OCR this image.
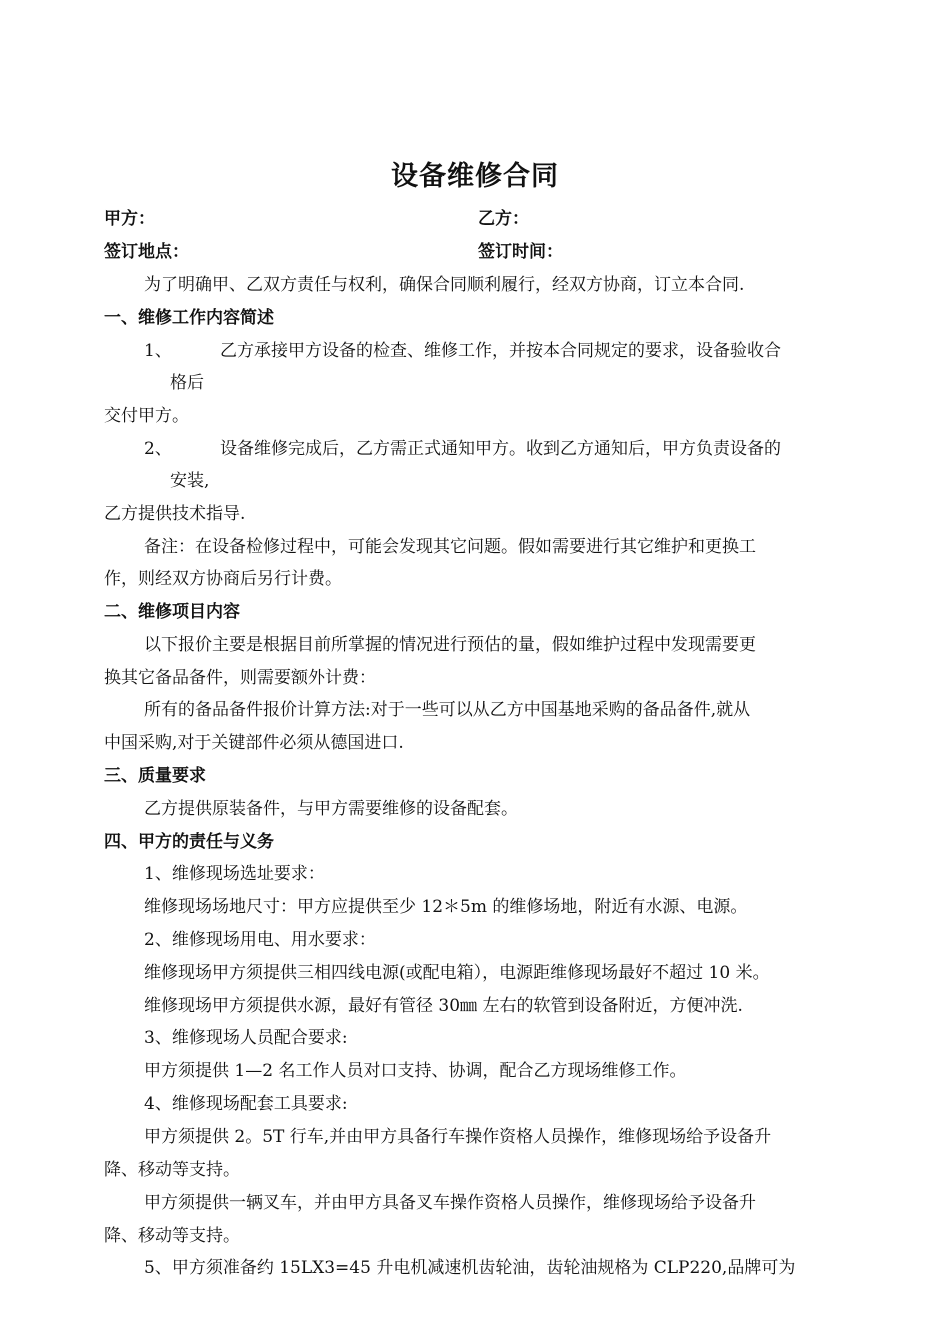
设备维修合同
甲方：	乙方：
签订地点：	签订时间：
为了明确甲、乙双方责任与权利，确保合同顺利履行，经双方协商，订立本合同.
一、维修工作内容简述
1、	乙方承接甲方设备的检查、维修工作，并按本合同规定的要求，设备验收合
格后
交付甲方。
2、	设备维修完成后，乙方需正式通知甲方。收到乙方通知后，甲方负责设备的
安装,
乙方提供技术指导.
备注：在设备检修过程中，可能会发现其它问题。假如需要进行其它维护和更换工
作，则经双方协商后另行计费。
二、维修项目内容
以下报价主要是根据目前所掌握的情况进行预估的量，假如维护过程中发现需要更
换其它备品备件，则需要额外计费：
所有的备品备件报价计算方法:对于一些可以从乙方中国基地采购的备品备件,就从
中国采购,对于关键部件必须从德国进口.
三、质量要求
乙方提供原装备件，与甲方需要维修的设备配套。
四、甲方的责任与义务
1、维修现场选址要求：
维修现场场地尺寸：甲方应提供至少 12＊5m 的维修场地，附近有水源、电源。
2、维修现场用电、用水要求：
维修现场甲方须提供三相四线电源(或配电箱），电源距维修现场最好不超过 10 米。
维修现场甲方须提供水源，最好有管径 30㎜ 左右的软管到设备附近，方便冲洗.
3、维修现场人员配合要求:
甲方须提供 1—2 名工作人员对口支持、协调，配合乙方现场维修工作。
4、维修现场配套工具要求:
甲方须提供 2。5T 行车,并由甲方具备行车操作资格人员操作，维修现场给予设备升
降、移动等支持。
甲方须提供一辆叉车，并由甲方具备叉车操作资格人员操作，维修现场给予设备升
降、移动等支持。
5、甲方须准备约 15LX3=45 升电机减速机齿轮油，齿轮油规格为 CLP220,品牌可为
